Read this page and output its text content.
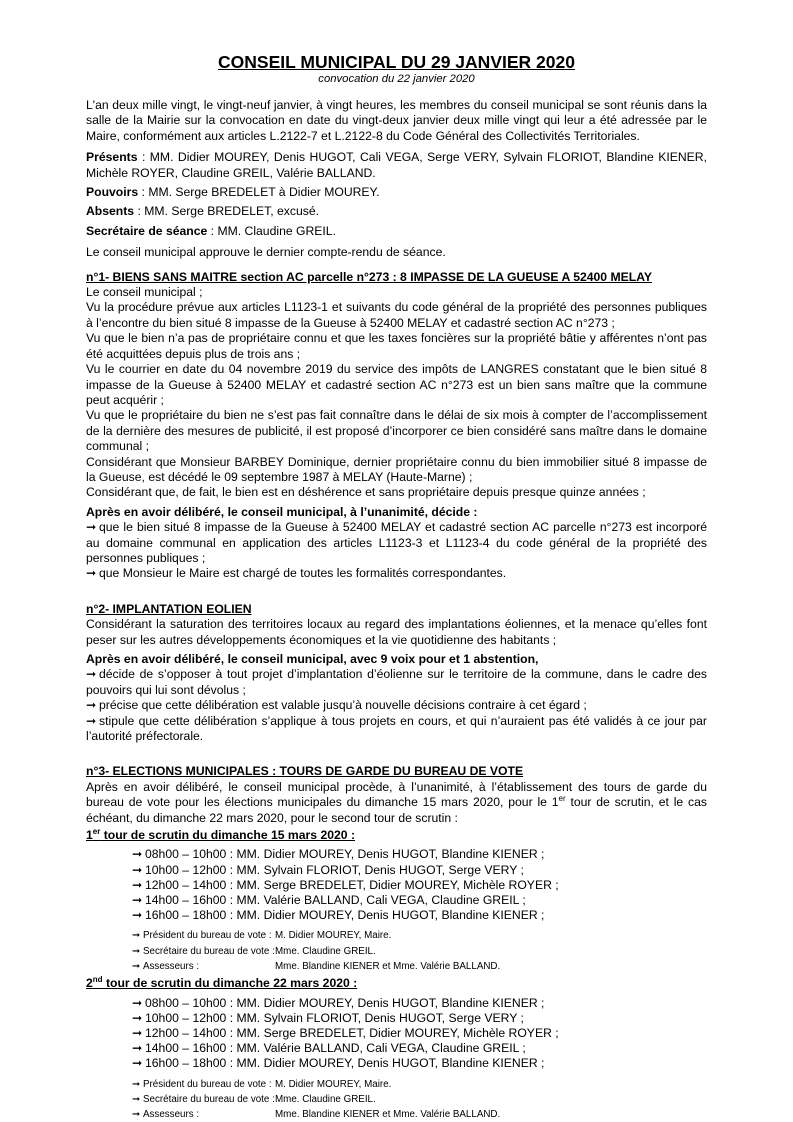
CONSEIL MUNICIPAL DU 29 JANVIER 2020

convocation du 22 janvier 2020

L'an deux mille vingt, le vingt-neuf janvier, à vingt heures, les membres du conseil municipal se sont réunis dans la salle de la Mairie sur la convocation en date du vingt-deux janvier deux mille vingt qui leur a été adressée par le Maire, conformément aux articles L.2122-7 et L.2122-8 du Code Général des Collectivités Territoriales.

Présents : MM. Didier MOUREY, Denis HUGOT, Cali VEGA, Serge VERY, Sylvain FLORIOT, Blandine KIENER, Michèle ROYER, Claudine GREIL, Valérie BALLAND.

Pouvoirs : MM. Serge BREDELET à Didier MOUREY.

Absents : MM. Serge BREDELET, excusé.

Secrétaire de séance : MM. Claudine GREIL.

Le conseil municipal approuve le dernier compte-rendu de séance.

n°1- BIENS SANS MAITRE section AC parcelle n°273 : 8 IMPASSE DE LA GUEUSE A 52400 MELAY

Le conseil municipal ;

Vu la procédure prévue aux articles L1123-1 et suivants du code général de la propriété des personnes publiques à l’encontre du bien situé 8 impasse de la Gueuse à 52400 MELAY et cadastré section AC n°273 ;

Vu que le bien n’a pas de propriétaire connu et que les taxes foncières sur la propriété bâtie y afférentes n’ont pas été acquittées depuis plus de trois ans ;

Vu le courrier en date du 04 novembre 2019 du service des impôts de LANGRES constatant que le bien situé 8 impasse de la Gueuse à 52400 MELAY et cadastré section AC n°273 est un bien sans maître que la commune peut acquérir ;

Vu que le propriétaire du bien ne s’est pas fait connaître dans le délai de six mois à compter de l’accomplissement de la dernière des mesures de publicité, il est proposé d’incorporer ce bien considéré sans maître dans le domaine communal ;

Considérant que Monsieur BARBEY Dominique, dernier propriétaire connu du bien immobilier situé 8 impasse de la Gueuse, est décédé le 09 septembre 1987 à MELAY (Haute-Marne) ;

Considérant que, de fait, le bien est en déshérence et sans propriétaire depuis presque quinze années ;

Après en avoir délibéré, le conseil municipal, à l’unanimité, décide :

➞ que le bien situé 8 impasse de la Gueuse à 52400 MELAY et cadastré section AC parcelle n°273 est incorporé au domaine communal en application des articles L1123-3 et L1123-4 du code général de la propriété des personnes publiques ;

➞ que Monsieur le Maire est chargé de toutes les formalités correspondantes.

n°2- IMPLANTATION EOLIEN

Considérant la saturation des territoires locaux au regard des implantations éoliennes, et la menace qu’elles font peser sur les autres développements économiques et la vie quotidienne des habitants ;

Après en avoir délibéré, le conseil municipal, avec 9 voix pour et 1 abstention,

➞ décide de s’opposer à tout projet d’implantation d’éolienne sur le territoire de la commune, dans le cadre des pouvoirs qui lui sont dévolus ;

➞ précise que cette délibération est valable jusqu’à nouvelle décisions contraire à cet égard ;

➞ stipule que cette délibération s’applique à tous projets en cours, et qui n’auraient pas été validés à ce jour par l’autorité préfectorale.

n°3- ELECTIONS MUNICIPALES : TOURS DE GARDE DU BUREAU DE VOTE

Après en avoir délibéré, le conseil municipal procède, à l’unanimité, à l’établissement des tours de garde du bureau de vote pour les élections municipales du dimanche 15 mars 2020, pour le 1er tour de scrutin, et le cas échéant, du dimanche 22 mars 2020, pour le second tour de scrutin :

1er tour de scrutin du dimanche 15 mars 2020 :

➞ 08h00 – 10h00 : MM. Didier MOUREY, Denis HUGOT, Blandine KIENER ;
➞ 10h00 – 12h00 : MM. Sylvain FLORIOT, Denis HUGOT, Serge VERY ;
➞ 12h00 – 14h00 : MM. Serge BREDELET, Didier MOUREY, Michèle ROYER ;
➞ 14h00 – 16h00 : MM. Valérie BALLAND, Cali VEGA, Claudine GREIL ;
➞ 16h00 – 18h00 : MM. Didier MOUREY, Denis HUGOT, Blandine KIENER ;
➞ Président du bureau de vote : M. Didier MOUREY, Maire.
➞ Secrétaire du bureau de vote : Mme. Claudine GREIL.
➞ Assesseurs :	Mme. Blandine KIENER et Mme. Valérie BALLAND.

2nd tour de scrutin du dimanche 22 mars 2020 :

➞ 08h00 – 10h00 : MM. Didier MOUREY, Denis HUGOT, Blandine KIENER ;
➞ 10h00 – 12h00 : MM. Sylvain FLORIOT, Denis HUGOT, Serge VERY ;
➞ 12h00 – 14h00 : MM. Serge BREDELET, Didier MOUREY, Michèle ROYER ;
➞ 14h00 – 16h00 : MM. Valérie BALLAND, Cali VEGA, Claudine GREIL ;
➞ 16h00 – 18h00 : MM. Didier MOUREY, Denis HUGOT, Blandine KIENER ;
➞ Président du bureau de vote : M. Didier MOUREY, Maire.
➞ Secrétaire du bureau de vote : Mme. Claudine GREIL.
➞ Assesseurs :	Mme. Blandine KIENER et Mme. Valérie BALLAND.
